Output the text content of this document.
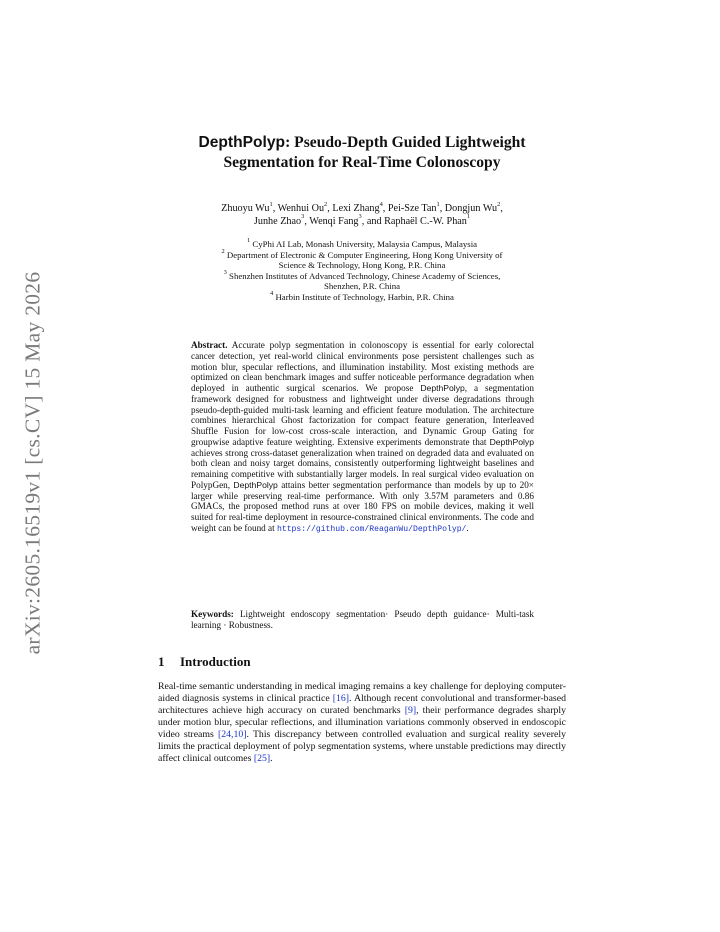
arXiv:2605.16519v1 [cs.CV] 15 May 2026
DepthPolyp: Pseudo-Depth Guided Lightweight
Segmentation for Real-Time Colonoscopy
Zhuoyu Wu$^1$, Wenhui Ou$^2$, Lexi Zhang$^4$, Pei-Sze Tan$^1$, Dongjun Wu$^2$,
Junhe Zhao$^3$, Wenqi Fang$^3$, and Raphaël C.-W. Phan$^1$
$^1$ CyPhi AI Lab, Monash University, Malaysia Campus, Malaysia
$^2$ Department of Electronic & Computer Engineering, Hong Kong University of
Science & Technology, Hong Kong, P.R. China
$^3$ Shenzhen Institutes of Advanced Technology, Chinese Academy of Sciences,
Shenzhen, P.R. China
$^4$ Harbin Institute of Technology, Harbin, P.R. China

Abstract. Accurate polyp segmentation in colonoscopy is essential for early colorectal cancer detection, yet real-world clinical environments pose persistent challenges such as motion blur, specular reflections, and illumination instability. Most existing methods are optimized on clean benchmark images and suffer noticeable performance degradation when deployed in authentic surgical scenarios. We propose DepthPolyp, a segmentation framework designed for robustness and lightweight under diverse degradations through pseudo-depth-guided multi-task learning and efficient feature modulation. The architecture combines hierarchical Ghost factorization for compact feature generation, Interleaved Shuffle Fusion for low-cost cross-scale interaction, and Dynamic Group Gating for groupwise adaptive feature weighting. Extensive experiments demonstrate that DepthPolyp achieves strong cross-dataset generalization when trained on degraded data and evaluated on both clean and noisy target domains, consistently outperforming lightweight baselines and remaining competitive with substantially larger models. In real surgical video evaluation on PolypGen, DepthPolyp attains better segmentation performance than models by up to 20× larger while preserving real-time performance. With only 3.57M parameters and 0.86 GMACs, the proposed method runs at over 180 FPS on mobile devices, making it well suited for real-time deployment in resource-constrained clinical environments. The code and weight can be found at https://github.com/ReaganWu/DepthPolyp/.

Keywords: Lightweight endoscopy segmentation· Pseudo depth guidance· Multi-task learning · Robustness.

1 Introduction

Real-time semantic understanding in medical imaging remains a key challenge for deploying computer-aided diagnosis systems in clinical practice [16]. Although recent convolutional and transformer-based architectures achieve high accuracy on curated benchmarks [9], their performance degrades sharply under motion blur, specular reflections, and illumination variations commonly observed in endoscopic video streams [24,10]. This discrepancy between controlled evaluation and surgical reality severely limits the practical deployment of polyp segmentation systems, where unstable predictions may directly affect clinical outcomes [25].
